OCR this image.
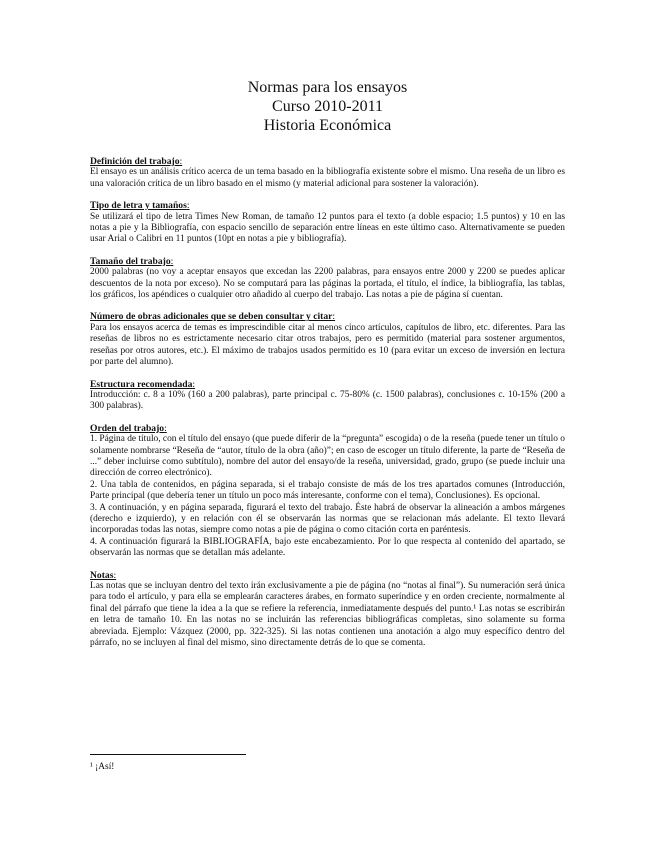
Normas para los ensayos
Curso 2010-2011
Historia Económica
Definición del trabajo:

El ensayo es un análisis crítico acerca de un tema basado en la bibliografía existente sobre el mismo. Una reseña de un libro es una valoración crítica de un libro basado en el mismo (y material adicional para sostener la valoración).

Tipo de letra y tamaños:

Se utilizará el tipo de letra Times New Roman, de tamaño 12 puntos para el texto (a doble espacio; 1.5 puntos) y 10 en las notas a pie y la Bibliografía, con espacio sencillo de separación entre líneas en este último caso. Alternativamente se pueden usar Arial o Calibri en 11 puntos (10pt en notas a pie y bibliografía).

Tamaño del trabajo:

2000 palabras (no voy a aceptar ensayos que excedan las 2200 palabras, para ensayos entre 2000 y 2200 se puedes aplicar descuentos de la nota por exceso). No se computará para las páginas la portada, el título, el índice, la bibliografía, las tablas, los gráficos, los apéndices o cualquier otro añadido al cuerpo del trabajo. Las notas a pie de página sí cuentan.

Número de obras adicionales que se deben consultar y citar:

Para los ensayos acerca de temas es imprescindible citar al menos cinco artículos, capítulos de libro, etc. diferentes. Para las reseñas de libros no es estrictamente necesario citar otros trabajos, pero es permitido (material para sostener argumentos, reseñas por otros autores, etc.). El máximo de trabajos usados permitido es 10 (para evitar un exceso de inversión en lectura por parte del alumno).

Estructura recomendada:

Introducción: c. 8 a 10% (160 a 200 palabras), parte principal c. 75-80% (c. 1500 palabras), conclusiones c. 10-15% (200 a 300 palabras).

Orden del trabajo:

1. Página de título, con el título del ensayo (que puede diferir de la “pregunta” escogida) o de la reseña (puede tener un título o solamente nombrarse “Reseña de “autor, título de la obra (año)”; en caso de escoger un título diferente, la parte de “Reseña de ...” deber incluirse como subtítulo), nombre del autor del ensayo/de la reseña, universidad, grado, grupo (se puede incluir una dirección de correo electrónico).

2. Una tabla de contenidos, en página separada, si el trabajo consiste de más de los tres apartados comunes (Introducción, Parte principal (que debería tener un título un poco más interesante, conforme con el tema), Conclusiones). Es opcional.

3. A continuación, y en página separada, figurará el texto del trabajo. Éste habrá de observar la alineación a ambos márgenes (derecho e izquierdo), y en relación con él se observarán las normas que se relacionan más adelante. El texto llevará incorporadas todas las notas, siempre como notas a pie de página o como citación corta en paréntesis.

4. A continuación figurará la BIBLIOGRAFÍA, bajo este encabezamiento. Por lo que respecta al contenido del apartado, se observarán las normas que se detallan más adelante.

Notas:

Las notas que se incluyan dentro del texto irán exclusivamente a pie de página (no “notas al final”). Su numeración será única para todo el artículo, y para ella se emplearán caracteres árabes, en formato superíndice y en orden creciente, normalmente al final del párrafo que tiene la idea a la que se refiere la referencia, inmediatamente después del punto.¹ Las notas se escribirán en letra de tamaño 10. En las notas no se incluirán las referencias bibliográficas completas, sino solamente su forma abreviada. Ejemplo: Vázquez (2000, pp. 322-325). Si las notas contienen una anotación a algo muy específico dentro del párrafo, no se incluyen al final del mismo, sino directamente detrás de lo que se comenta.

¹ ¡Así!
